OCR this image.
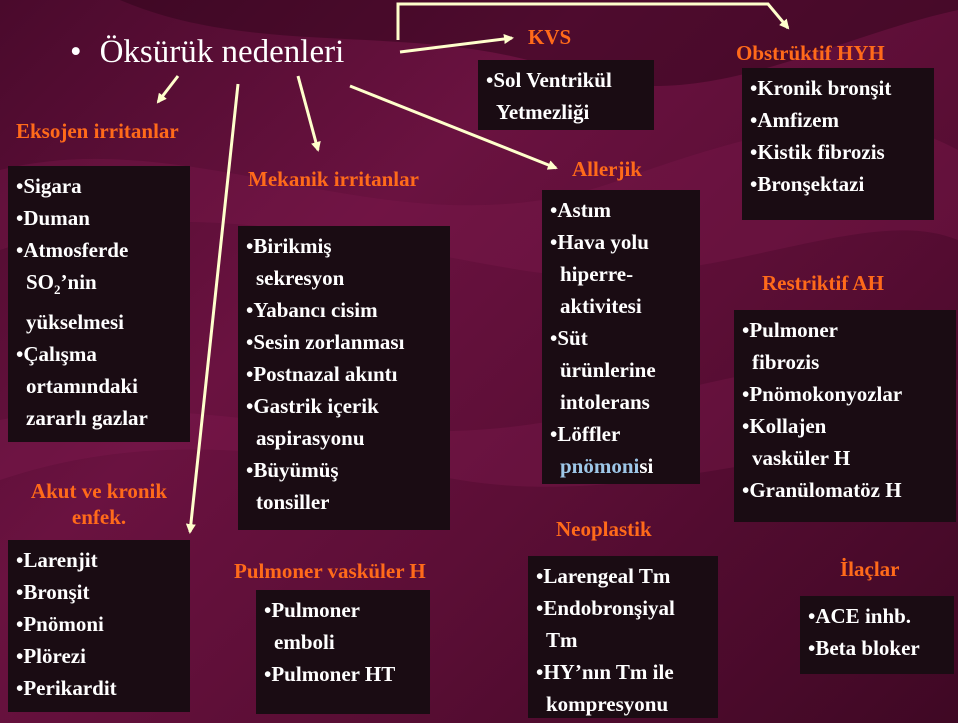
• Öksürük nedenleri	KVS
•Sol Ventrikül
Yetmezliği
Obstrüktif HYH
•Kronik bronşit
•Amfizem
•Kistik fibrozis
•Bronşektazi
Eksojen irritanlar
•Sigara
•Duman
•Atmosferde
$SO_2’nin$
yükselmesi
•Çalışma
ortamındaki
zararlı gazlar
Mekanik irritanlar
•Birikmiş
sekresyon
•Yabancı cisim
•Sesin zorlanması
•Postnazal akıntı
•Gastrik içerik
aspirasyonu
•Büyümüş
tonsiller
Allerjik
•Astım
•Hava yolu
hiperre-
aktivitesi
•Süt
ürünlerine
intolerans
•Löffler
pnömonisi
Restriktif AH
•Pulmoner
fibrozis
•Pnömokonyozlar
•Kollajen
vasküler H
•Granülomatöz H
Akut ve kronik
enfek.
•Larenjit
•Bronşit
•Pnömoni
•Plörezi
•Perikardit
Pulmoner vasküler H
•Pulmoner
emboli
•Pulmoner HT
Neoplastik
•Larengeal Tm
•Endobronşiyal
Tm
•HY’nın Tm ile
kompresyonu
İlaçlar
•ACE inhb.
•Beta bloker
